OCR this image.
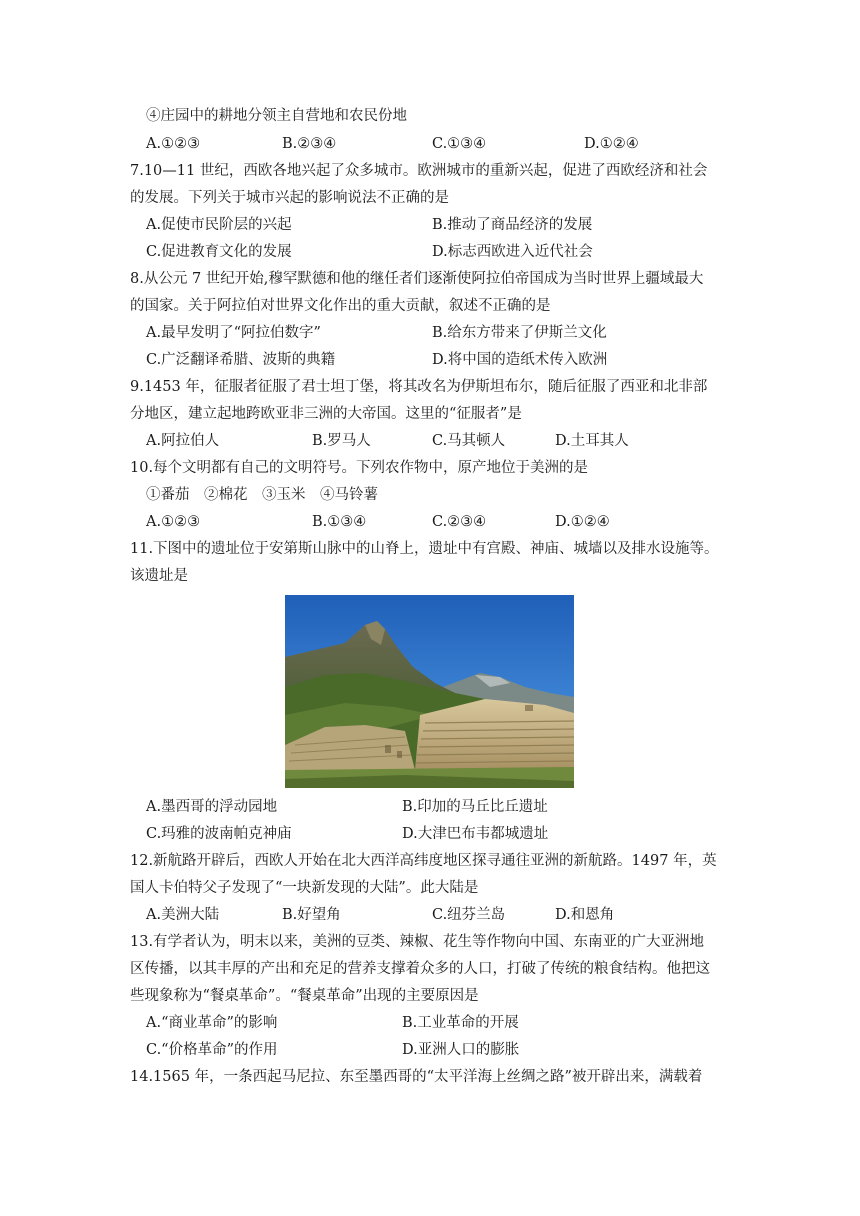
④庄园中的耕地分领主自营地和农民份地
A.①②③	B.②③④	C.①③④	D.①②④
7.10—11 世纪，西欧各地兴起了众多城市。欧洲城市的重新兴起，促进了西欧经济和社会
的发展。下列关于城市兴起的影响说法不正确的是
A.促使市民阶层的兴起	B.推动了商品经济的发展
C.促进教育文化的发展	D.标志西欧进入近代社会
8.从公元 7 世纪开始,穆罕默德和他的继任者们逐渐使阿拉伯帝国成为当时世界上疆域最大
的国家。关于阿拉伯对世界文化作出的重大贡献，叙述不正确的是
A.最早发明了“阿拉伯数字”	B.给东方带来了伊斯兰文化
C.广泛翻译希腊、波斯的典籍	D.将中国的造纸术传入欧洲
9.1453 年，征服者征服了君士坦丁堡，将其改名为伊斯坦布尔，随后征服了西亚和北非部
分地区，建立起地跨欧亚非三洲的大帝国。这里的“征服者”是
A.阿拉伯人	B.罗马人	C.马其顿人	D.土耳其人
10.每个文明都有自己的文明符号。下列农作物中，原产地位于美洲的是
①番茄　②棉花　③玉米　④马铃薯
A.①②③	B.①③④	C.②③④	D.①②④
11.下图中的遗址位于安第斯山脉中的山脊上，遗址中有宫殿、神庙、城墙以及排水设施等。
该遗址是
A.墨西哥的浮动园地	B.印加的马丘比丘遗址
C.玛雅的波南帕克神庙	D.大津巴布韦都城遗址
12.新航路开辟后，西欧人开始在北大西洋高纬度地区探寻通往亚洲的新航路。1497 年，英
国人卡伯特父子发现了“一块新发现的大陆”。此大陆是
A.美洲大陆	B.好望角	C.纽芬兰岛	D.和恩角
13.有学者认为，明末以来，美洲的豆类、辣椒、花生等作物向中国、东南亚的广大亚洲地
区传播，以其丰厚的产出和充足的营养支撑着众多的人口，打破了传统的粮食结构。他把这
些现象称为“餐桌革命”。“餐桌革命”出现的主要原因是
A.“商业革命”的影响	B.工业革命的开展
C.“价格革命”的作用	D.亚洲人口的膨胀
14.1565 年，一条西起马尼拉、东至墨西哥的“太平洋海上丝绸之路”被开辟出来，满载着
